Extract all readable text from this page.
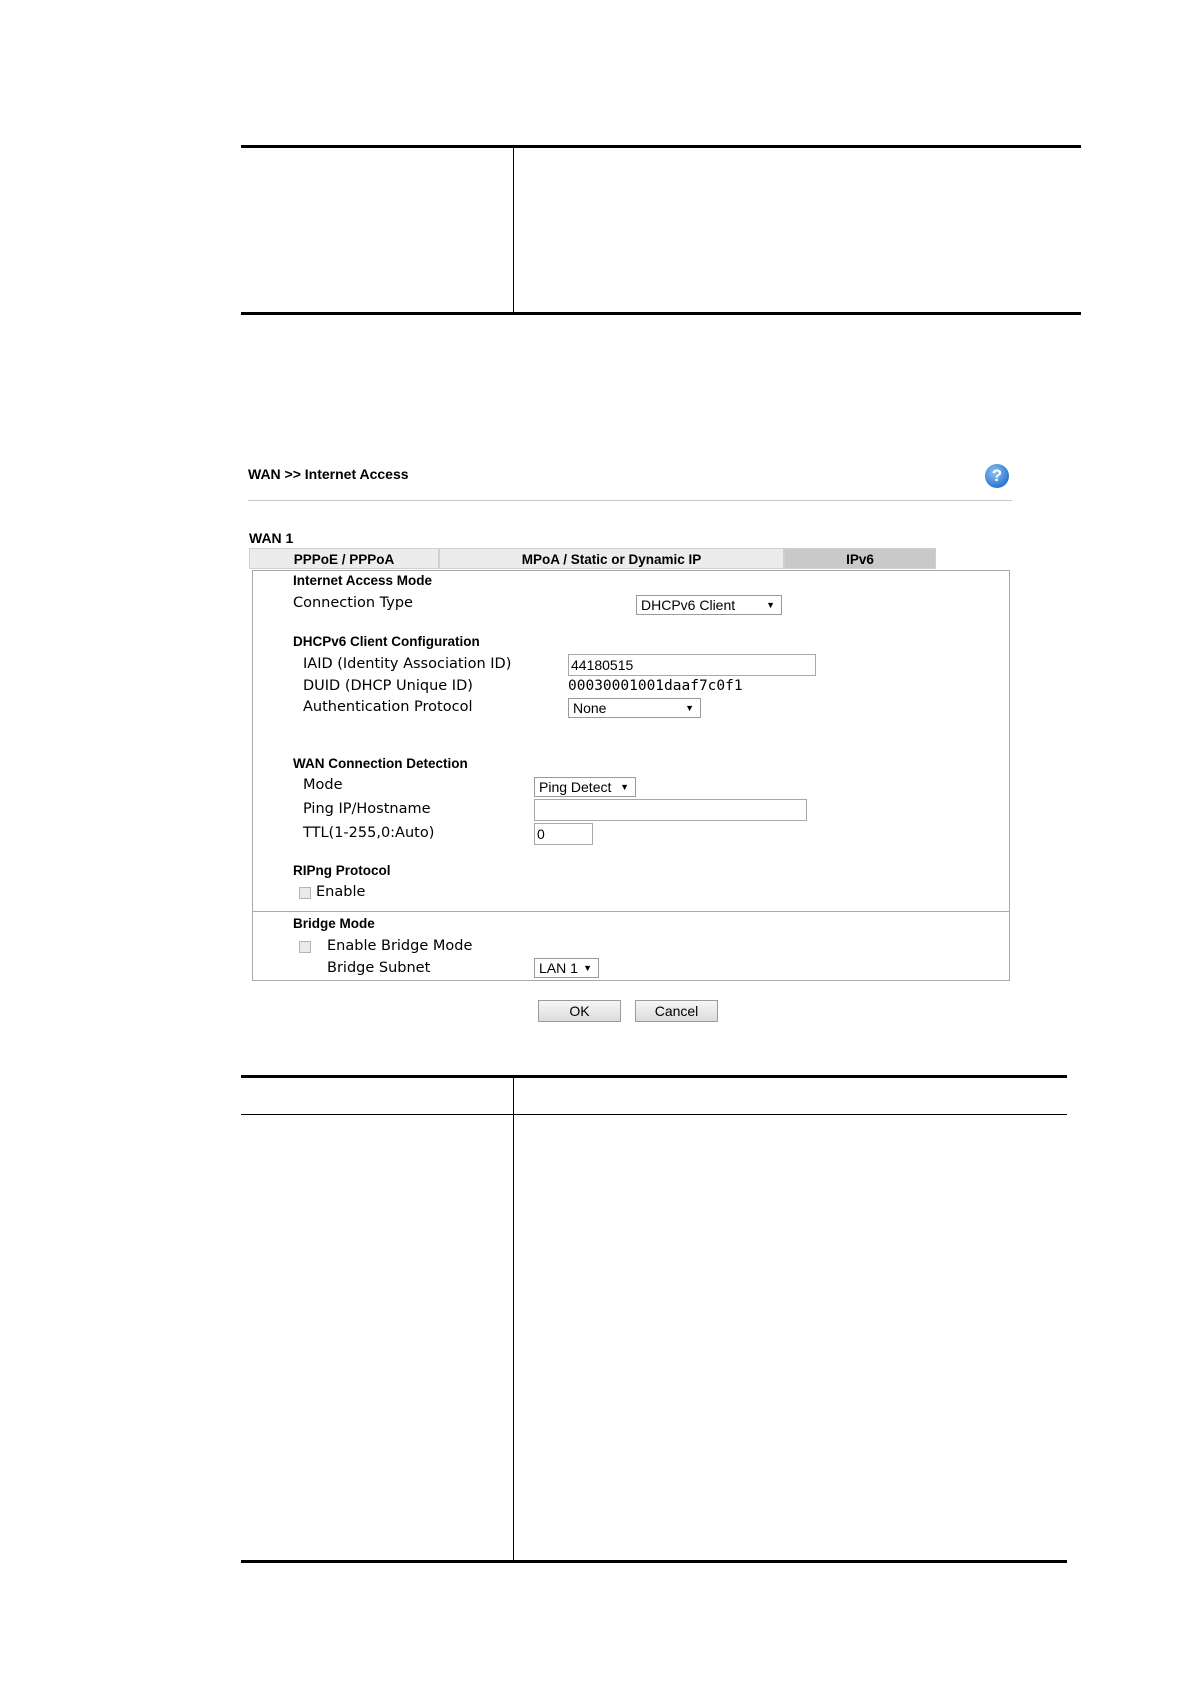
WAN >> Internet Access	?
WAN 1
PPPoE / PPPoA	MPoA / Static or Dynamic IP	IPv6
Internet Access Mode
Connection Type	DHCPv6 Client	▼
DHCPv6 Client Configuration
IAID (Identity Association ID)	44180515
DUID (DHCP Unique ID)	00030001001daaf7c0f1
Authentication Protocol	None	▼
WAN Connection Detection
Mode	Ping Detect ▼
Ping IP/Hostname
TTL(1-255,0:Auto)	0
RIPng Protocol
Enable
Bridge Mode
Enable Bridge Mode
Bridge Subnet	LAN 1 ▼
OK	Cancel
